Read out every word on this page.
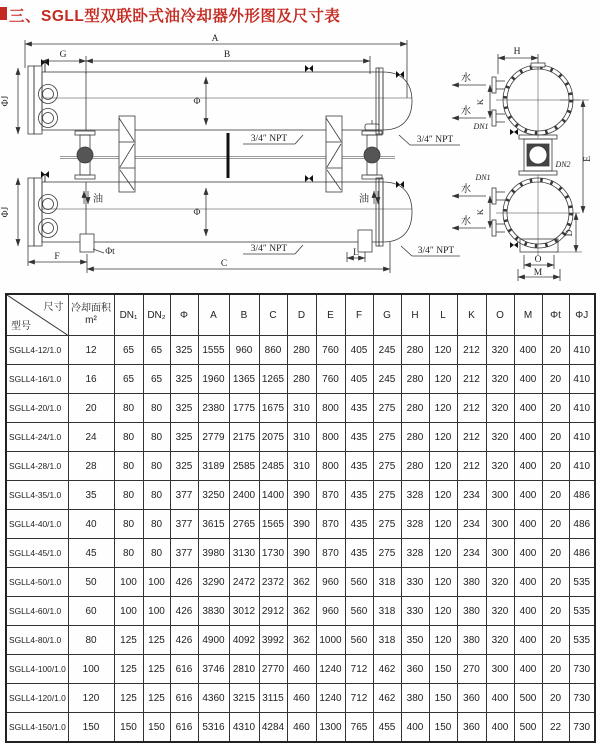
三、SGLL型双联卧式油冷却器外形图及尺寸表
A
G	B
Φ
Φ
ΦJ
ΦJ
3/4″ NPT	3/4″ NPT
3/4″ NPT	3/4″ NPT
油	油
Φt	L
F
C
H
水
水
水
水
K
K
DN1
DN1
DN2
E
D
O
M
尺寸
型号

冷却面积
m²	DN₁	DN₂	Φ	A	B	C	D	E	F	G	H	L	K	O	M	Φt	ΦJ
SGLL4-12/1.0	12	65	65	325	1555	960	860	280	760	405	245	280	120	212	320	400	20	410
SGLL4-16/1.0	16	65	65	325	1960	1365	1265	280	760	405	245	280	120	212	320	400	20	410
SGLL4-20/1.0	20	80	80	325	2380	1775	1675	310	800	435	275	280	120	212	320	400	20	410
SGLL4-24/1.0	24	80	80	325	2779	2175	2075	310	800	435	275	280	120	212	320	400	20	410
SGLL4-28/1.0	28	80	80	325	3189	2585	2485	310	800	435	275	280	120	212	320	400	20	410
SGLL4-35/1.0	35	80	80	377	3250	2400	1400	390	870	435	275	328	120	234	300	400	20	486
SGLL4-40/1.0	40	80	80	377	3615	2765	1565	390	870	435	275	328	120	234	300	400	20	486
SGLL4-45/1.0	45	80	80	377	3980	3130	1730	390	870	435	275	328	120	234	300	400	20	486
SGLL4-50/1.0	50	100	100	426	3290	2472	2372	362	960	560	318	330	120	380	320	400	20	535
SGLL4-60/1.0	60	100	100	426	3830	3012	2912	362	960	560	318	330	120	380	320	400	20	535
SGLL4-80/1.0	80	125	125	426	4900	4092	3992	362	1000	560	318	350	120	380	320	400	20	535
SGLL4-100/1.0	100	125	125	616	3746	2810	2770	460	1240	712	462	360	150	270	300	400	20	730
SGLL4-120/1.0	120	125	125	616	4360	3215	3115	460	1240	712	462	380	150	360	400	500	20	730
SGLL4-150/1.0	150	150	150	616	5316	4310	4284	460	1300	765	455	400	150	360	400	500	22	730
